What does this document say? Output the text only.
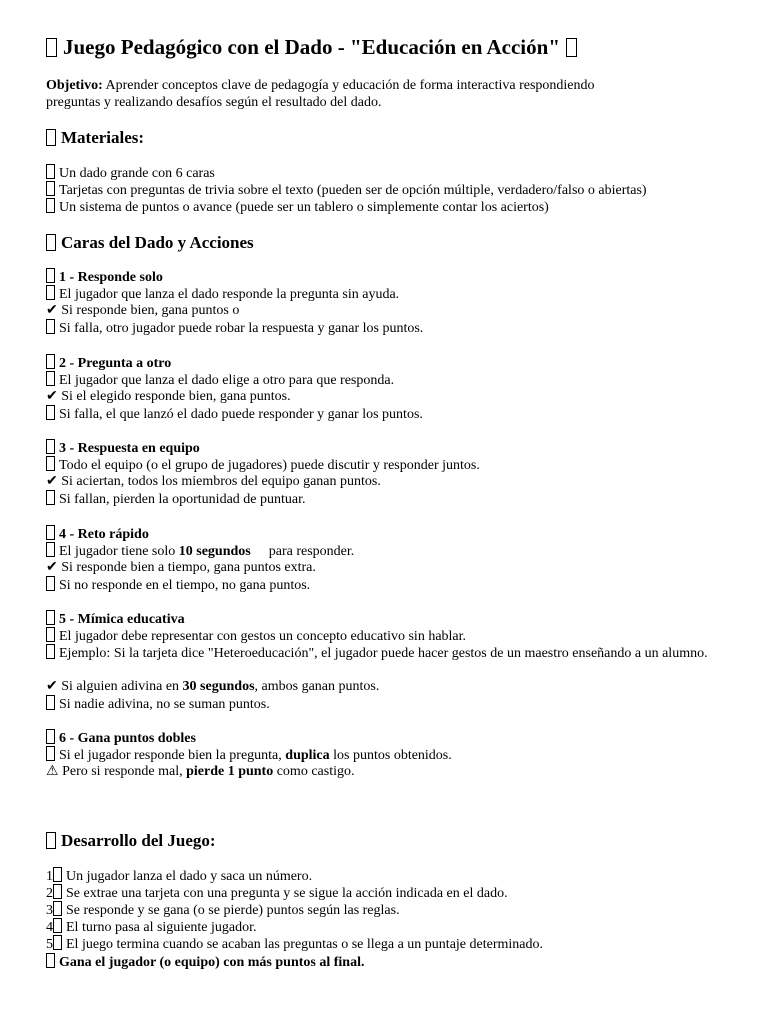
Juego Pedagógico con el Dado - "Educación en Acción"
Objetivo: Aprender conceptos clave de pedagogía y educación de forma interactiva respondiendo
preguntas y realizando desafíos según el resultado del dado.
Materiales:
Un dado grande con 6 caras
Tarjetas con preguntas de trivia sobre el texto (pueden ser de opción múltiple, verdadero/falso o abiertas)
Un sistema de puntos o avance (puede ser un tablero o simplemente contar los aciertos)
Caras del Dado y Acciones
1 - Responde solo
El jugador que lanza el dado responde la pregunta sin ayuda.
✔ Si responde bien, gana puntos o
Si falla, otro jugador puede robar la respuesta y ganar los puntos.
2 - Pregunta a otro
El jugador que lanza el dado elige a otro para que responda.
✔ Si el elegido responde bien, gana puntos.
Si falla, el que lanzó el dado puede responder y ganar los puntos.
3 - Respuesta en equipo
Todo el equipo (o el grupo de jugadores) puede discutir y responder juntos.
✔ Si aciertan, todos los miembros del equipo ganan puntos.
Si fallan, pierden la oportunidad de puntuar.
4 - Reto rápido
El jugador tiene solo 10 segundos para responder.
✔ Si responde bien a tiempo, gana puntos extra.
Si no responde en el tiempo, no gana puntos.
5 - Mímica educativa
El jugador debe representar con gestos un concepto educativo sin hablar.
Ejemplo: Si la tarjeta dice "Heteroeducación", el jugador puede hacer gestos de un maestro enseñando a un alumno.
✔ Si alguien adivina en 30 segundos, ambos ganan puntos.
Si nadie adivina, no se suman puntos.
6 - Gana puntos dobles
Si el jugador responde bien la pregunta, duplica los puntos obtenidos.
⚠ Pero si responde mal, pierde 1 punto como castigo.
Desarrollo del Juego:
1 Un jugador lanza el dado y saca un número.
2 Se extrae una tarjeta con una pregunta y se sigue la acción indicada en el dado.
3 Se responde y se gana (o se pierde) puntos según las reglas.
4 El turno pasa al siguiente jugador.
5 El juego termina cuando se acaban las preguntas o se llega a un puntaje determinado.
Gana el jugador (o equipo) con más puntos al final.
